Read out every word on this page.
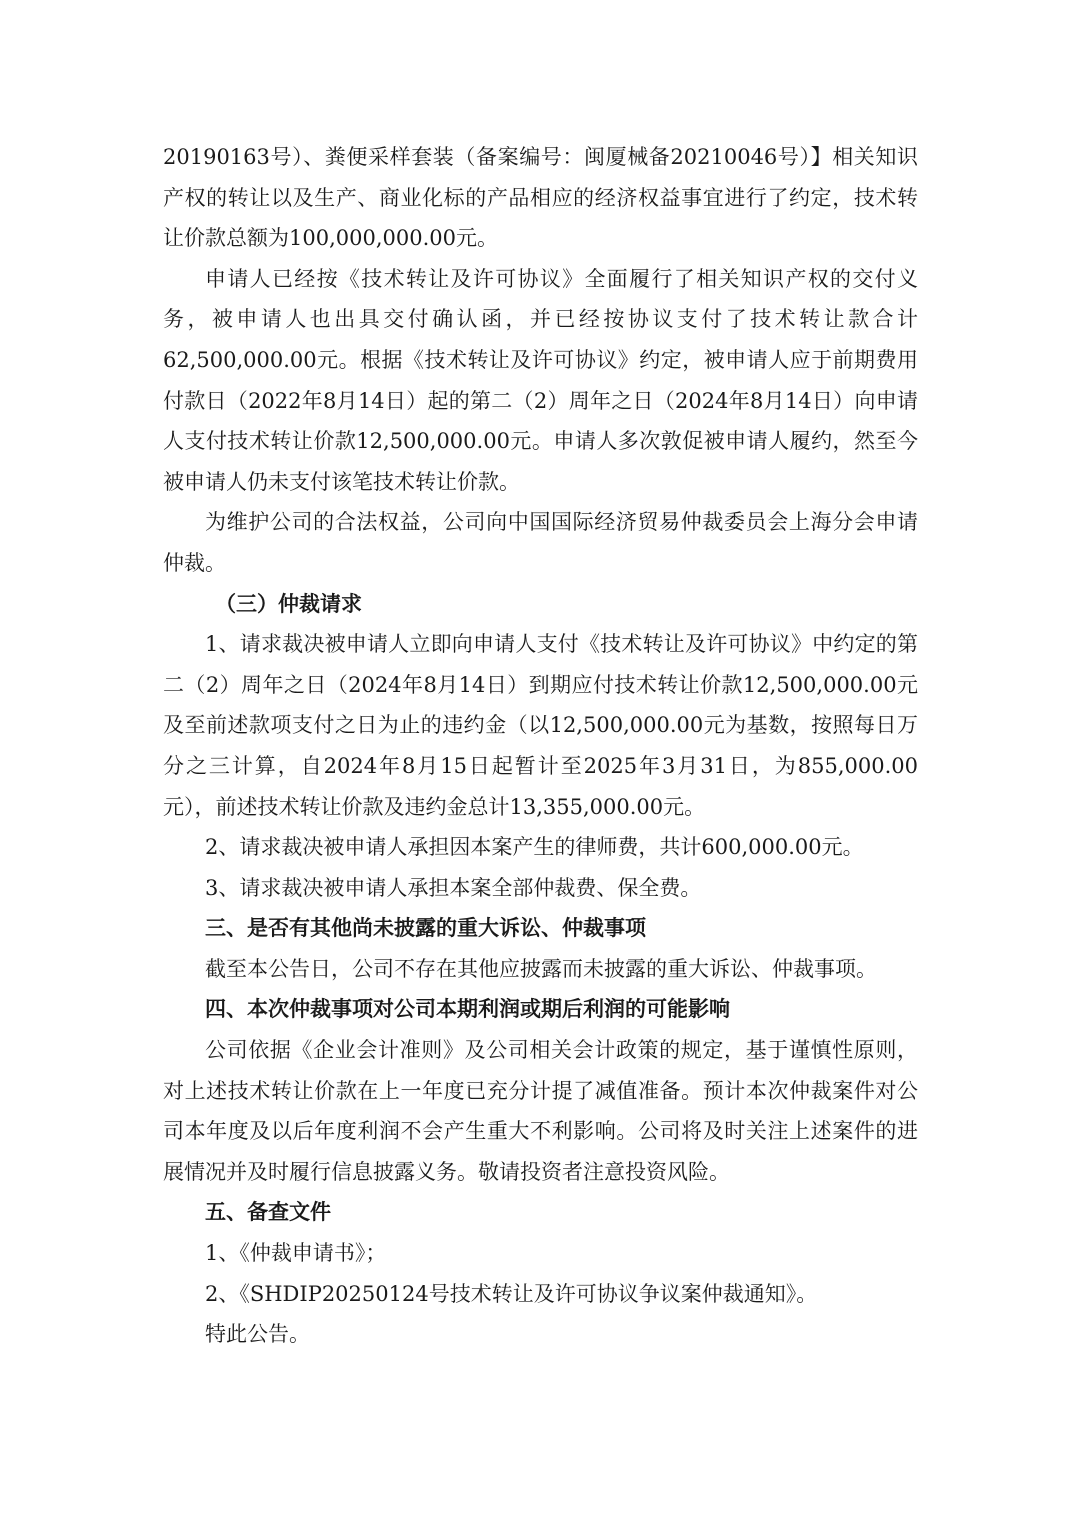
20190163号）、粪便采样套装（备案编号：闽厦械备20210046号）】相关知识产权的转让以及生产、商业化标的产品相应的经济权益事宜进行了约定，技术转让价款总额为100,000,000.00元。

申请人已经按《技术转让及许可协议》全面履行了相关知识产权的交付义务，被申请人也出具交付确认函，并已经按协议支付了技术转让款合计62,500,000.00元。根据《技术转让及许可协议》约定，被申请人应于前期费用付款日（2022年8月14日）起的第二（2）周年之日（2024年8月14日）向申请人支付技术转让价款12,500,000.00元。申请人多次敦促被申请人履约，然至今被申请人仍未支付该笔技术转让价款。

为维护公司的合法权益，公司向中国国际经济贸易仲裁委员会上海分会申请仲裁。

（三）仲裁请求

1、请求裁决被申请人立即向申请人支付《技术转让及许可协议》中约定的第二（2）周年之日（2024年8月14日）到期应付技术转让价款12,500,000.00元及至前述款项支付之日为止的违约金（以12,500,000.00元为基数，按照每日万分之三计算，自2024年8月15日起暂计至2025年3月31日，为855,000.00元），前述技术转让价款及违约金总计13,355,000.00元。

2、请求裁决被申请人承担因本案产生的律师费，共计600,000.00元。

3、请求裁决被申请人承担本案全部仲裁费、保全费。

三、是否有其他尚未披露的重大诉讼、仲裁事项

截至本公告日，公司不存在其他应披露而未披露的重大诉讼、仲裁事项。

四、本次仲裁事项对公司本期利润或期后利润的可能影响

公司依据《企业会计准则》及公司相关会计政策的规定，基于谨慎性原则，对上述技术转让价款在上一年度已充分计提了减值准备。预计本次仲裁案件对公司本年度及以后年度利润不会产生重大不利影响。公司将及时关注上述案件的进展情况并及时履行信息披露义务。敬请投资者注意投资风险。

五、备查文件

1、《仲裁申请书》；

2、《SHDIP20250124号技术转让及许可协议争议案仲裁通知》。

特此公告。
